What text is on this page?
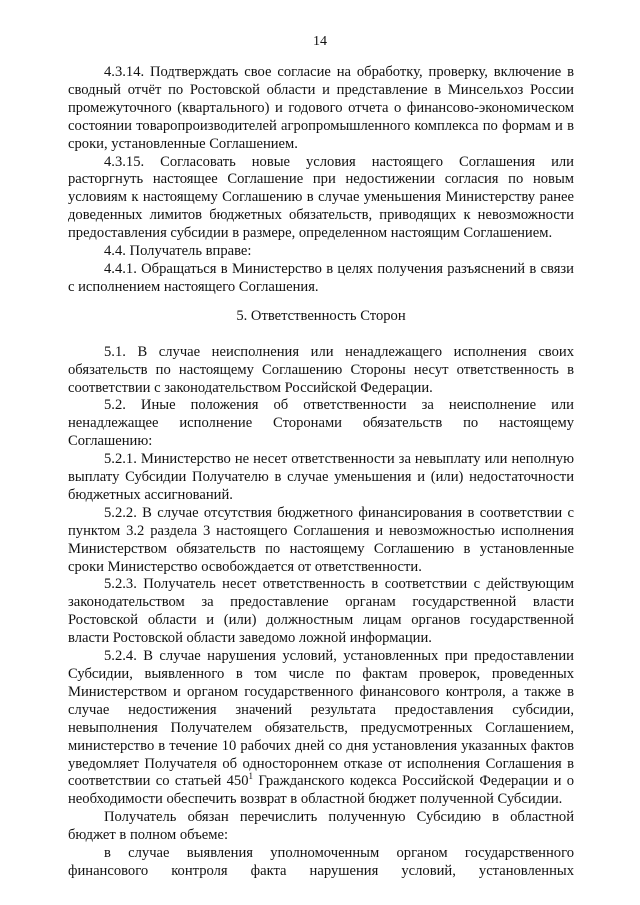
14

4.3.14. Подтверждать свое согласие на обработку, проверку, включение в сводный отчёт по Ростовской области и представление в Минсельхоз России промежуточного (квартального) и годового отчета о финансово-экономическом состоянии товаропроизводителей агропромышленного комплекса по формам и в сроки, установленные Соглашением.

4.3.15. Согласовать новые условия настоящего Соглашения или расторгнуть настоящее Соглашение при недостижении согласия по новым условиям к настоящему Соглашению в случае уменьшения Министерству ранее доведенных лимитов бюджетных обязательств, приводящих к невозможности предоставления субсидии в размере, определенном настоящим Соглашением.

4.4. Получатель вправе:

4.4.1. Обращаться в Министерство в целях получения разъяснений в связи с исполнением настоящего Соглашения.

5. Ответственность Сторон

5.1. В случае неисполнения или ненадлежащего исполнения своих обязательств по настоящему Соглашению Стороны несут ответственность в соответствии с законодательством Российской Федерации.

5.2. Иные положения об ответственности за неисполнение или ненадлежащее исполнение Сторонами обязательств по настоящему Соглашению:

5.2.1. Министерство не несет ответственности за невыплату или неполную выплату Субсидии Получателю в случае уменьшения и (или) недостаточности бюджетных ассигнований.

5.2.2. В случае отсутствия бюджетного финансирования в соответствии с пунктом 3.2 раздела 3 настоящего Соглашения и невозможностью исполнения Министерством обязательств по настоящему Соглашению в установленные сроки Министерство освобождается от ответственности.

5.2.3. Получатель несет ответственность в соответствии с действующим законодательством за предоставление органам государственной власти Ростовской области и (или) должностным лицам органов государственной власти Ростовской области заведомо ложной информации.

5.2.4. В случае нарушения условий, установленных при предоставлении Субсидии, выявленного в том числе по фактам проверок, проведенных Министерством и органом государственного финансового контроля, а также в случае недостижения значений результата предоставления субсидии, невыполнения Получателем обязательств, предусмотренных Соглашением, министерство в течение 10 рабочих дней со дня установления указанных фактов уведомляет Получателя об одностороннем отказе от исполнения Соглашения в соответствии со статьей $450^1$ Гражданского кодекса Российской Федерации и о необходимости обеспечить возврат в областной бюджет полученной Субсидии.

Получатель обязан перечислить полученную Субсидию в областной бюджет в полном объеме:

в случае выявления уполномоченным органом государственного финансового контроля факта нарушения условий, установленных
